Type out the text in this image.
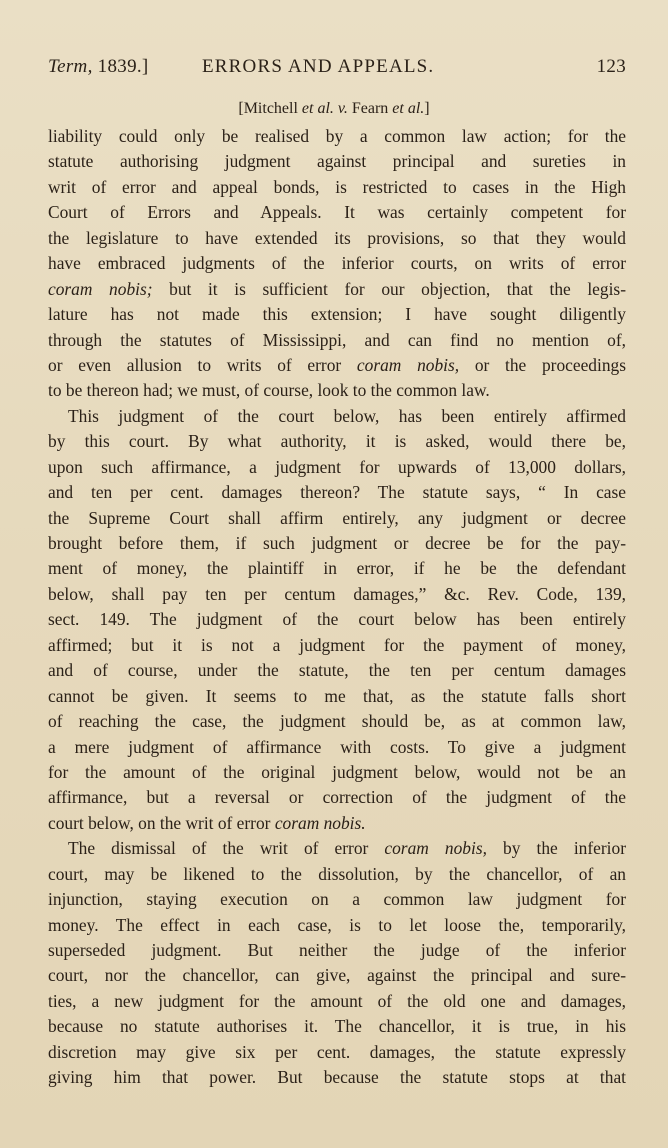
Term, 1839.]	ERRORS AND APPEALS.	123
[Mitchell et al. v. Fearn et al.]
liability could only be realised by a common law action; for the
statute authorising judgment against principal and sureties in
writ of error and appeal bonds, is restricted to cases in the High
Court of Errors and Appeals. It was certainly competent for
the legislature to have extended its provisions, so that they would
have embraced judgments of the inferior courts, on writs of error
coram nobis; but it is sufficient for our objection, that the legis-
lature has not made this extension; I have sought diligently
through the statutes of Mississippi, and can find no mention of,
or even allusion to writs of error coram nobis, or the proceedings
to be thereon had; we must, of course, look to the common law.
This judgment of the court below, has been entirely affirmed
by this court. By what authority, it is asked, would there be,
upon such affirmance, a judgment for upwards of 13,000 dollars,
and ten per cent. damages thereon? The statute says, “ In case
the Supreme Court shall affirm entirely, any judgment or decree
brought before them, if such judgment or decree be for the pay-
ment of money, the plaintiff in error, if he be the defendant
below, shall pay ten per centum damages,” &c. Rev. Code, 139,
sect. 149. The judgment of the court below has been entirely
affirmed; but it is not a judgment for the payment of money,
and of course, under the statute, the ten per centum damages
cannot be given. It seems to me that, as the statute falls short
of reaching the case, the judgment should be, as at common law,
a mere judgment of affirmance with costs. To give a judgment
for the amount of the original judgment below, would not be an
affirmance, but a reversal or correction of the judgment of the
court below, on the writ of error coram nobis.
The dismissal of the writ of error coram nobis, by the inferior
court, may be likened to the dissolution, by the chancellor, of an
injunction, staying execution on a common law judgment for
money. The effect in each case, is to let loose the, temporarily,
superseded judgment. But neither the judge of the inferior
court, nor the chancellor, can give, against the principal and sure-
ties, a new judgment for the amount of the old one and damages,
because no statute authorises it. The chancellor, it is true, in his
discretion may give six per cent. damages, the statute expressly
giving him that power. But because the statute stops at that
